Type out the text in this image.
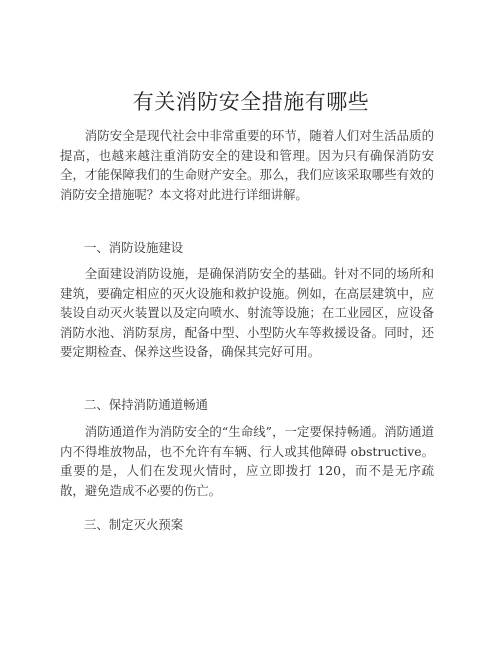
有关消防安全措施有哪些

消防安全是现代社会中非常重要的环节，随着人们对生活品质的提高，也越来越注重消防安全的建设和管理。因为只有确保消防安全，才能保障我们的生命财产安全。那么，我们应该采取哪些有效的消防安全措施呢？本文将对此进行详细讲解。

一、消防设施建设

全面建设消防设施，是确保消防安全的基础。针对不同的场所和建筑，要确定相应的灭火设施和救护设施。例如，在高层建筑中，应装设自动灭火装置以及定向喷水、射流等设施；在工业园区，应设备消防水池、消防泵房，配备中型、小型防火车等救援设备。同时，还要定期检查、保养这些设备，确保其完好可用。

二、保持消防通道畅通

消防通道作为消防安全的“生命线”，一定要保持畅通。消防通道内不得堆放物品，也不允许有车辆、行人或其他障碍 obstructive。重要的是，人们在发现火情时，应立即拨打 120，而不是无序疏散，避免造成不必要的伤亡。

三、制定灭火预案
